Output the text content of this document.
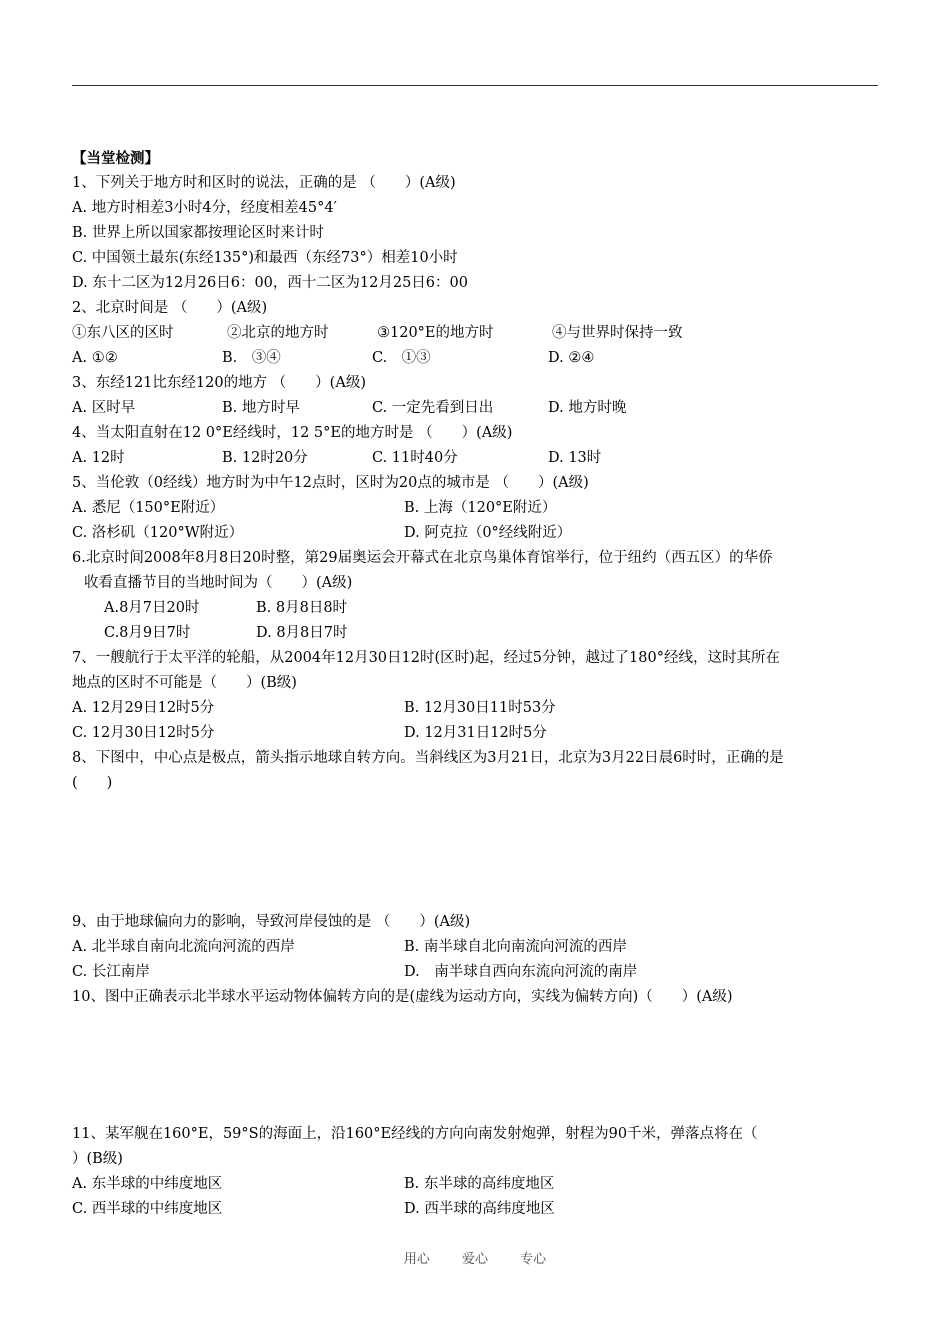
【当堂检测】
1、下列关于地方时和区时的说法，正确的是 （　　）(A级)
A. 地方时相差3小时4分，经度相差45°4′
B. 世界上所以国家都按理论区时来计时
C. 中国领土最东(东经135°)和最西（东经73°）相差10小时
D. 东十二区为12月26日6：00，西十二区为12月25日6：00
2、北京时间是 （　　）(A级)
①东八区的区时	②北京的地方时	③120°E的地方时	④与世界时保持一致
A. ①②	B.　③④	C.　①③	D. ②④
3、东经121比东经120的地方 （　　）(A级)
A. 区时早	B. 地方时早	C. 一定先看到日出	D. 地方时晚
4、当太阳直射在12 0°E经线时，12 5°E的地方时是 （　　）(A级)
A. 12时	B. 12时20分	C. 11时40分	D. 13时
5、当伦敦（0经线）地方时为中午12点时，区时为20点的城市是 （　　）(A级)
A. 悉尼（150°E附近）	B. 上海（120°E附近）
C. 洛杉矶（120°W附近）	D. 阿克拉（0°经线附近）
6.北京时间2008年8月8日20时整，第29届奥运会开幕式在北京鸟巢体育馆举行，位于纽约（西五区）的华侨
收看直播节目的当地时间为（　　）(A级)
A.8月7日20时	B. 8月8日8时
C.8月9日7时	D. 8月8日7时
7、一艘航行于太平洋的轮船，从2004年12月30日12时(区时)起，经过5分钟，越过了180°经线，这时其所在
地点的区时不可能是（　　）(B级)
A. 12月29日12时5分	B. 12月30日11时53分
C. 12月30日12时5分	D. 12月31日12时5分
8、下图中，中心点是极点，箭头指示地球自转方向。当斜线区为3月21日，北京为3月22日晨6时时，正确的是
(　　)
9、由于地球偏向力的影响，导致河岸侵蚀的是 （　　）(A级)
A. 北半球自南向北流向河流的西岸	B. 南半球自北向南流向河流的西岸
C. 长江南岸	D.　南半球自西向东流向河流的南岸
10、图中正确表示北半球水平运动物体偏转方向的是(虚线为运动方向，实线为偏转方向)（　　）(A级)
11、某军舰在160°E，59°S的海面上，沿160°E经线的方向向南发射炮弹，射程为90千米，弹落点将在（
）(B级)
A. 东半球的中纬度地区	B. 东半球的高纬度地区
C. 西半球的中纬度地区	D. 西半球的高纬度地区
用心 爱心 专心
